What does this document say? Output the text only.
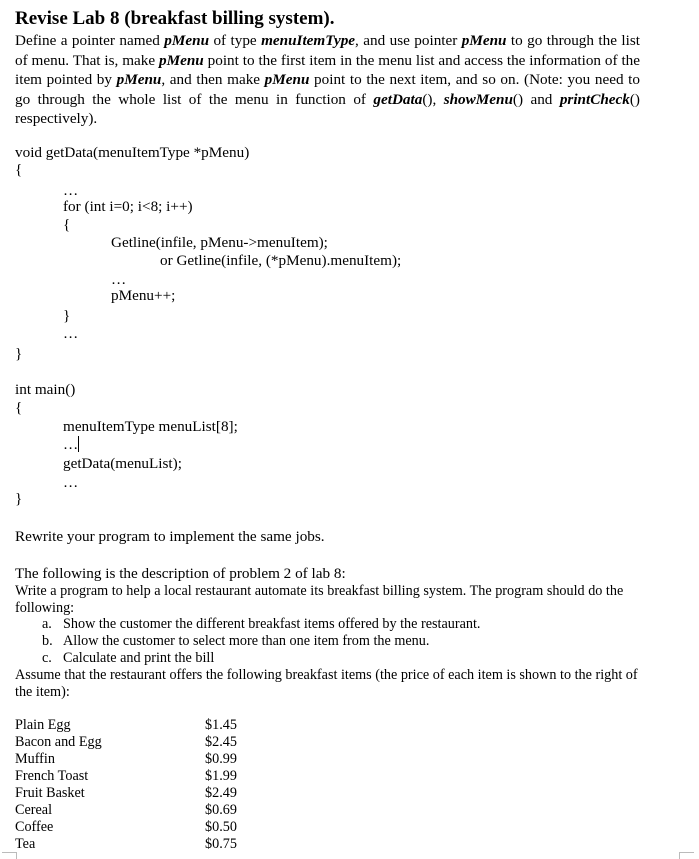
Revise Lab 8 (breakfast billing system).
Define a pointer named pMenu of type menuItemType, and use pointer pMenu to go through the list of menu. That is, make pMenu point to the first item in the menu list and access the information of the item pointed by pMenu, and then make pMenu point to the next item, and so on. (Note: you need to go through the whole list of the menu in function of getData(), showMenu() and printCheck() respectively).
void getData(menuItemType *pMenu)
{
…
for (int i=0; i<8; i++)
{
Getline(infile, pMenu->menuItem);
or Getline(infile, (*pMenu).menuItem);
…
pMenu++;
}
…
}
int main()
{
menuItemType menuList[8];
…
getData(menuList);
…
}
Rewrite your program to implement the same jobs.
The following is the description of problem 2 of lab 8:
Write a program to help a local restaurant automate its breakfast billing system. The program should do the following:
a. Show the customer the different breakfast items offered by the restaurant.
b. Allow the customer to select more than one item from the menu.
c. Calculate and print the bill
Assume that the restaurant offers the following breakfast items (the price of each item is shown to the right of the item):
Plain Egg	$1.45
Bacon and Egg	$2.45
Muffin	$0.99
French Toast	$1.99
Fruit Basket	$2.49
Cereal	$0.69
Coffee	$0.50
Tea	$0.75
